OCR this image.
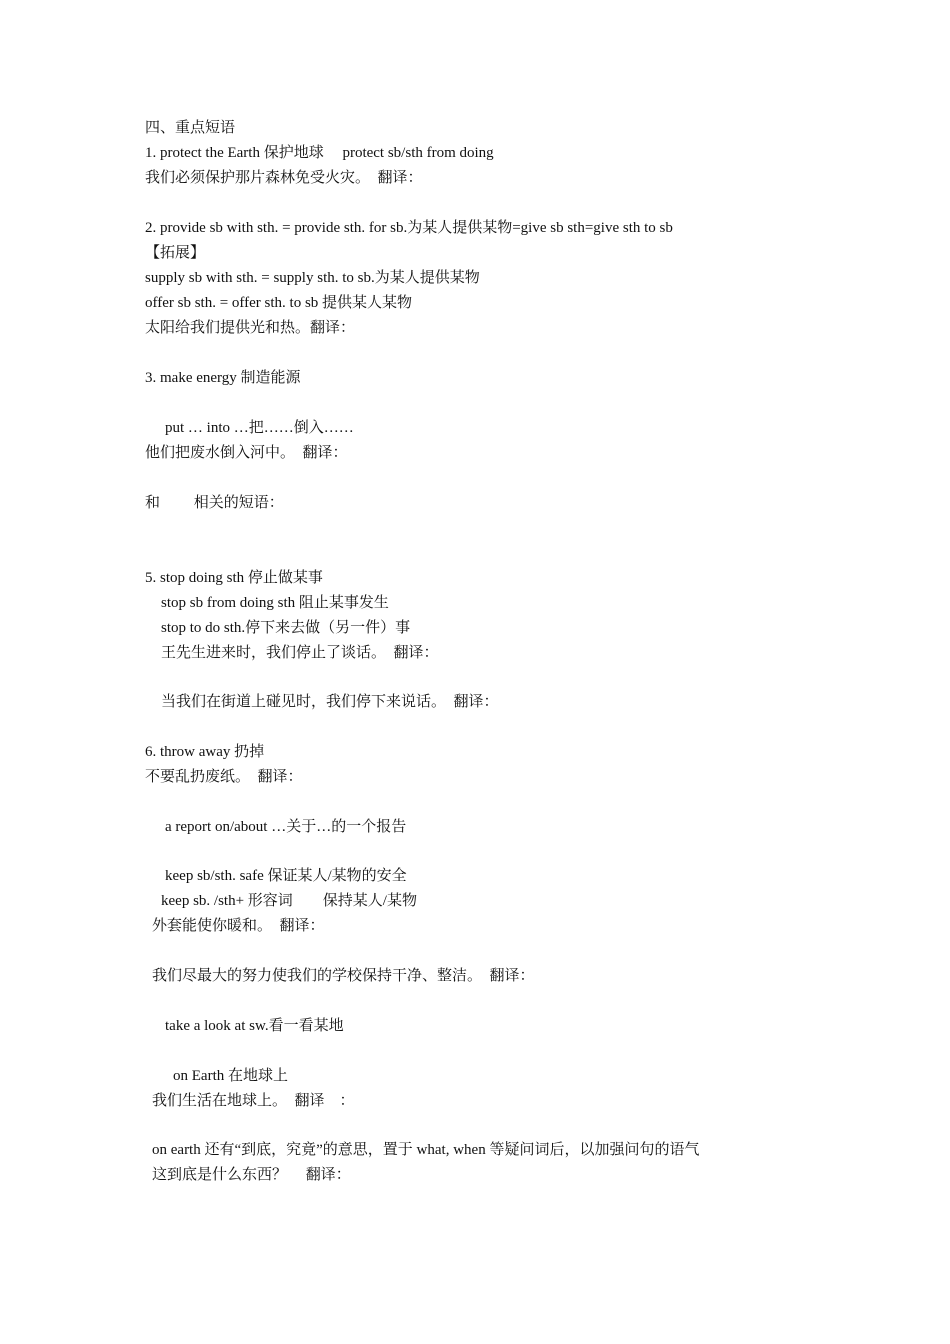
四、重点短语
1. protect the Earth 保护地球　 protect sb/sth from doing
我们必须保护那片森林免受火灾。　翻译：
2. provide sb with sth. = provide sth. for sb.为某人提供某物=give sb sth=give sth to sb
【拓展】
supply sb with sth. = supply sth. to sb.为某人提供某物
offer sb sth. = offer sth. to sb 提供某人某物
太阳给我们提供光和热。翻译：
3. make energy 制造能源
put … into …把……倒入……
他们把废水倒入河中。　翻译：
和　　 相关的短语：
5. stop doing sth 停止做某事
stop sb from doing sth 阻止某事发生
stop to do sth.停下来去做（另一件）事
王先生进来时，我们停止了谈话。　翻译：
当我们在街道上碰见时，我们停下来说话。　翻译：
6. throw away 扔掉
不要乱扔废纸。　翻译：
a report on/about …关于…的一个报告
keep sb/sth. safe 保证某人/某物的安全
keep sb. /sth+ 形容词　　保持某人/某物
外套能使你暖和。　翻译：
我们尽最大的努力使我们的学校保持干净、整洁。　翻译：
take a look at sw.看一看某地
on Earth 在地球上
我们生活在地球上。　翻译　：
on earth 还有“到底，究竟”的意思，置于 what, when 等疑问词后，以加强问句的语气
这到底是什么东西？　 翻译：
